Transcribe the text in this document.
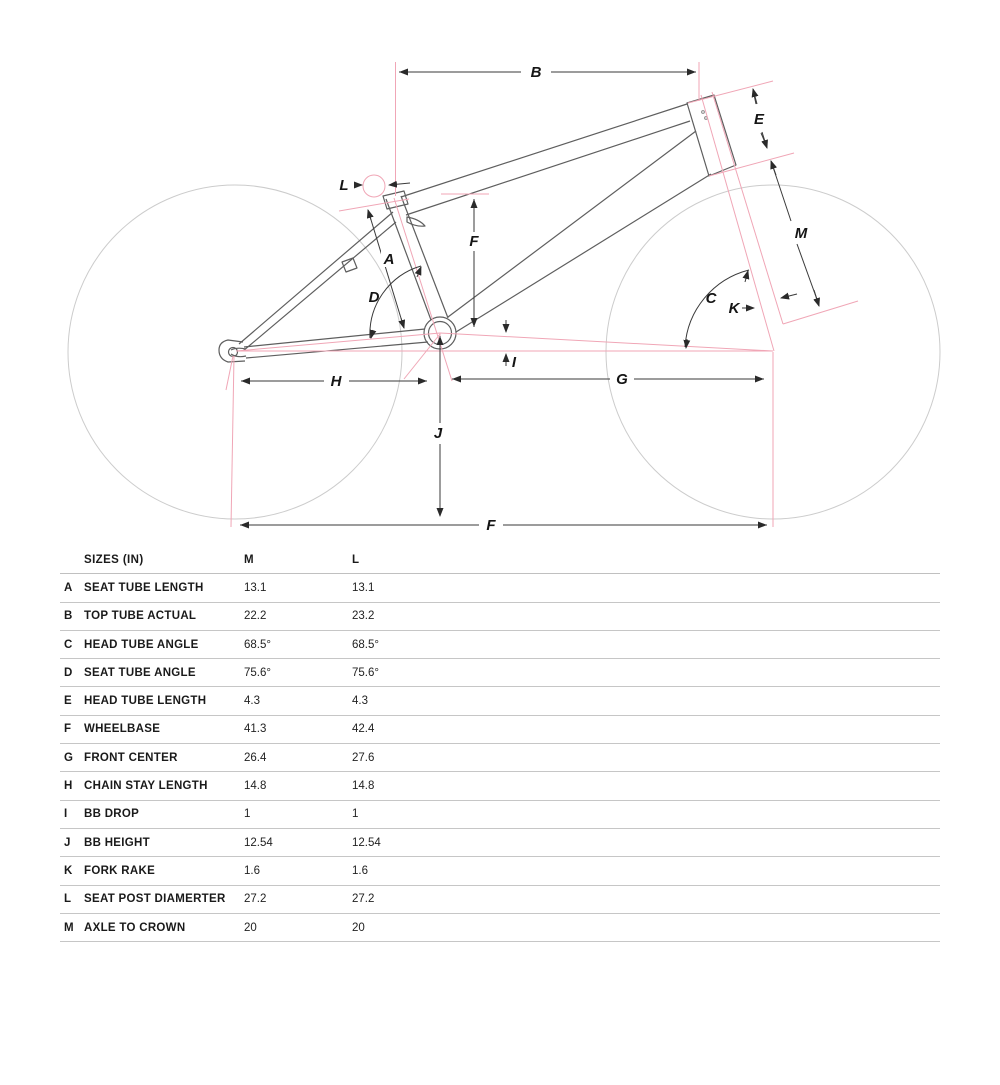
B
E
L
M
F
A
D	C
K
I
H	G
J
F
SIZES (IN)	M	L
A SEAT TUBE LENGTH	13.1	13.1
B TOP TUBE ACTUAL	22.2	23.2
C HEAD TUBE ANGLE	68.5°	68.5°
D SEAT TUBE ANGLE	75.6°	75.6°
E	HEAD TUBE LENGTH	4.3	4.3
F	WHEELBASE	41.3	42.4
G FRONT CENTER	26.4	27.6
H CHAIN STAY LENGTH	14.8	14.8
I	BB DROP	1	1
J	BB HEIGHT	12.54	12.54
K FORK RAKE	1.6	1.6
L	SEAT POST DIAMERTER	27.2	27.2
M AXLE TO CROWN	20	20
